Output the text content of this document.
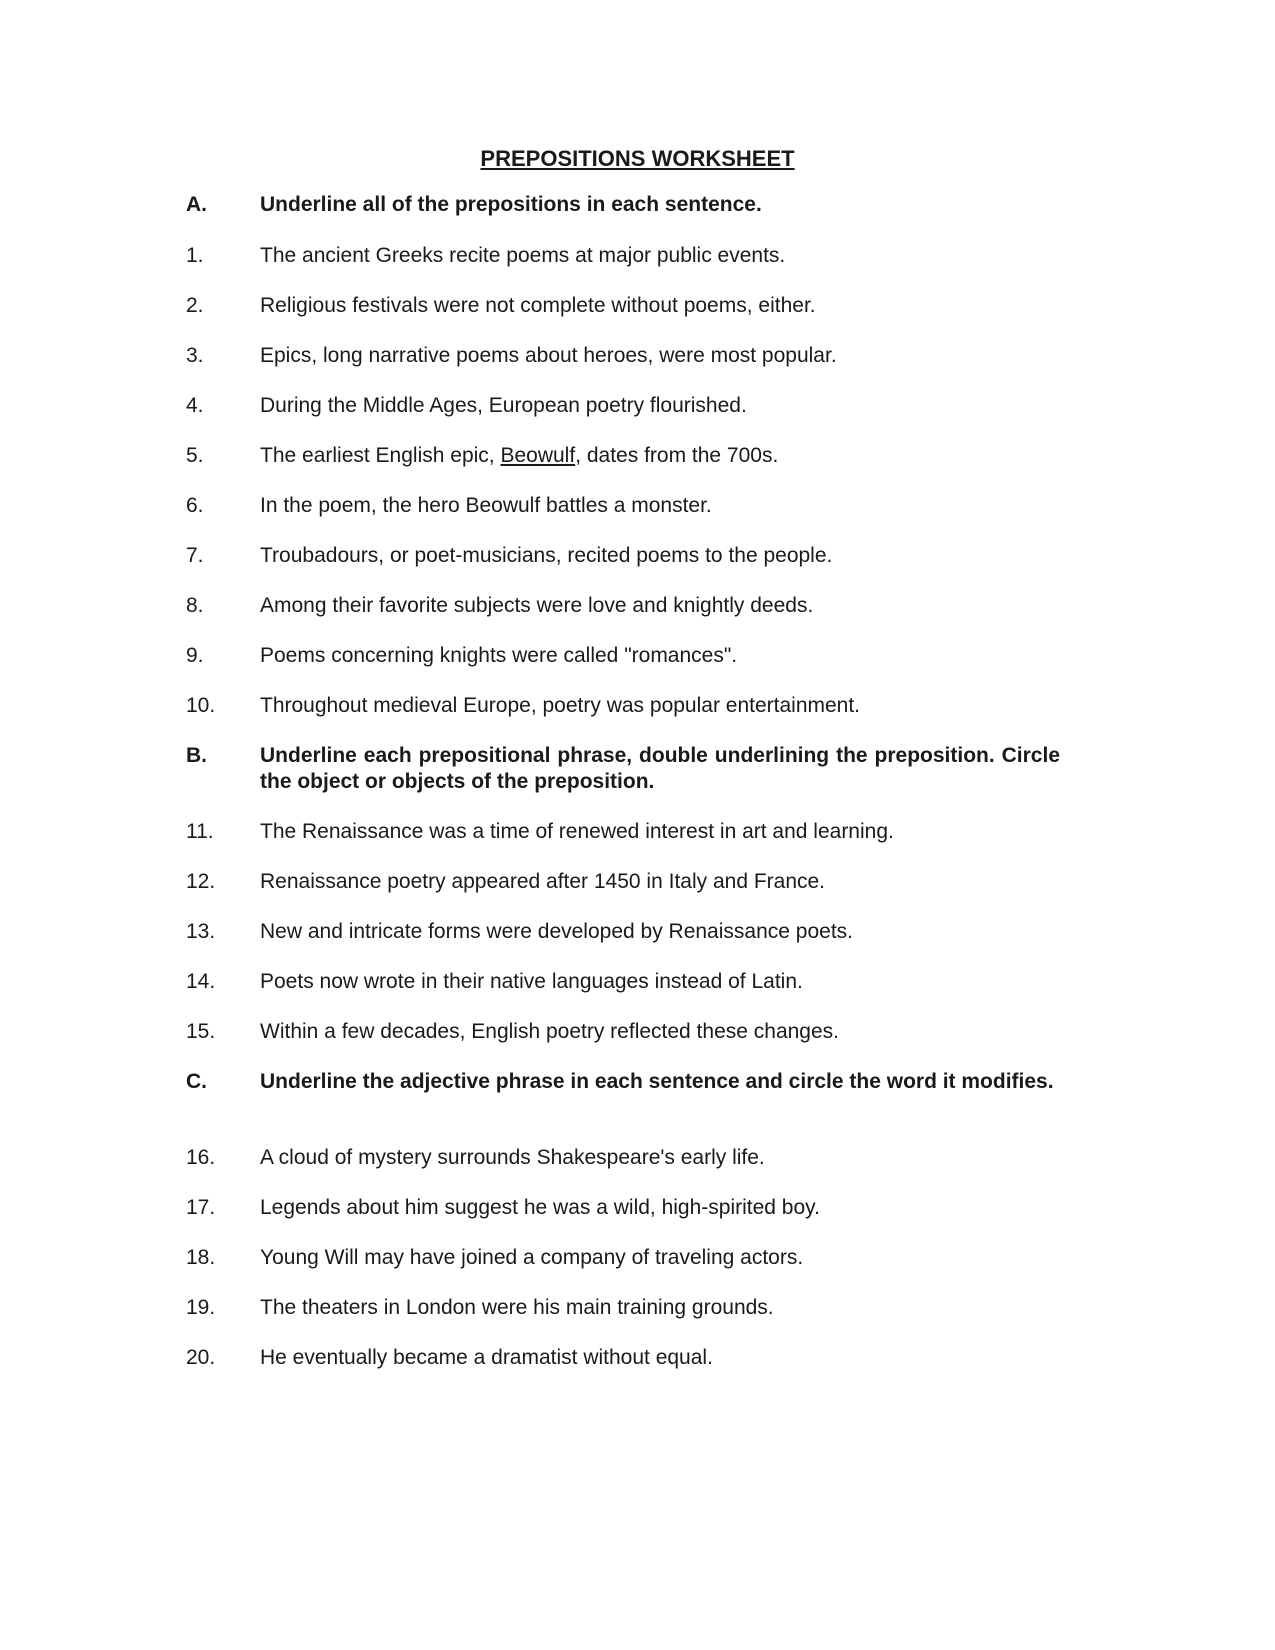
PREPOSITIONS WORKSHEET
A.	Underline all of the prepositions in each sentence.
1.	The ancient Greeks recite poems at major public events.
2.	Religious festivals were not complete without poems, either.
3.	Epics, long narrative poems about heroes, were most popular.
4.	During the Middle Ages, European poetry flourished.
5.	The earliest English epic, Beowulf, dates from the 700s.
6.	In the poem, the hero Beowulf battles a monster.
7.	Troubadours, or poet-musicians, recited poems to the people.
8.	Among their favorite subjects were love and knightly deeds.
9.	Poems concerning knights were called "romances".
10. Throughout medieval Europe, poetry was popular entertainment.
B.	Underline each prepositional phrase, double underlining the preposition. Circle the object or objects of the preposition.
11. The Renaissance was a time of renewed interest in art and learning.
12. Renaissance poetry appeared after 1450 in Italy and France.
13. New and intricate forms were developed by Renaissance poets.
14. Poets now wrote in their native languages instead of Latin.
15. Within a few decades, English poetry reflected these changes.
C.	Underline the adjective phrase in each sentence and circle the word it modifies.
16. A cloud of mystery surrounds Shakespeare's early life.
17. Legends about him suggest he was a wild, high-spirited boy.
18. Young Will may have joined a company of traveling actors.
19. The theaters in London were his main training grounds.
20. He eventually became a dramatist without equal.
